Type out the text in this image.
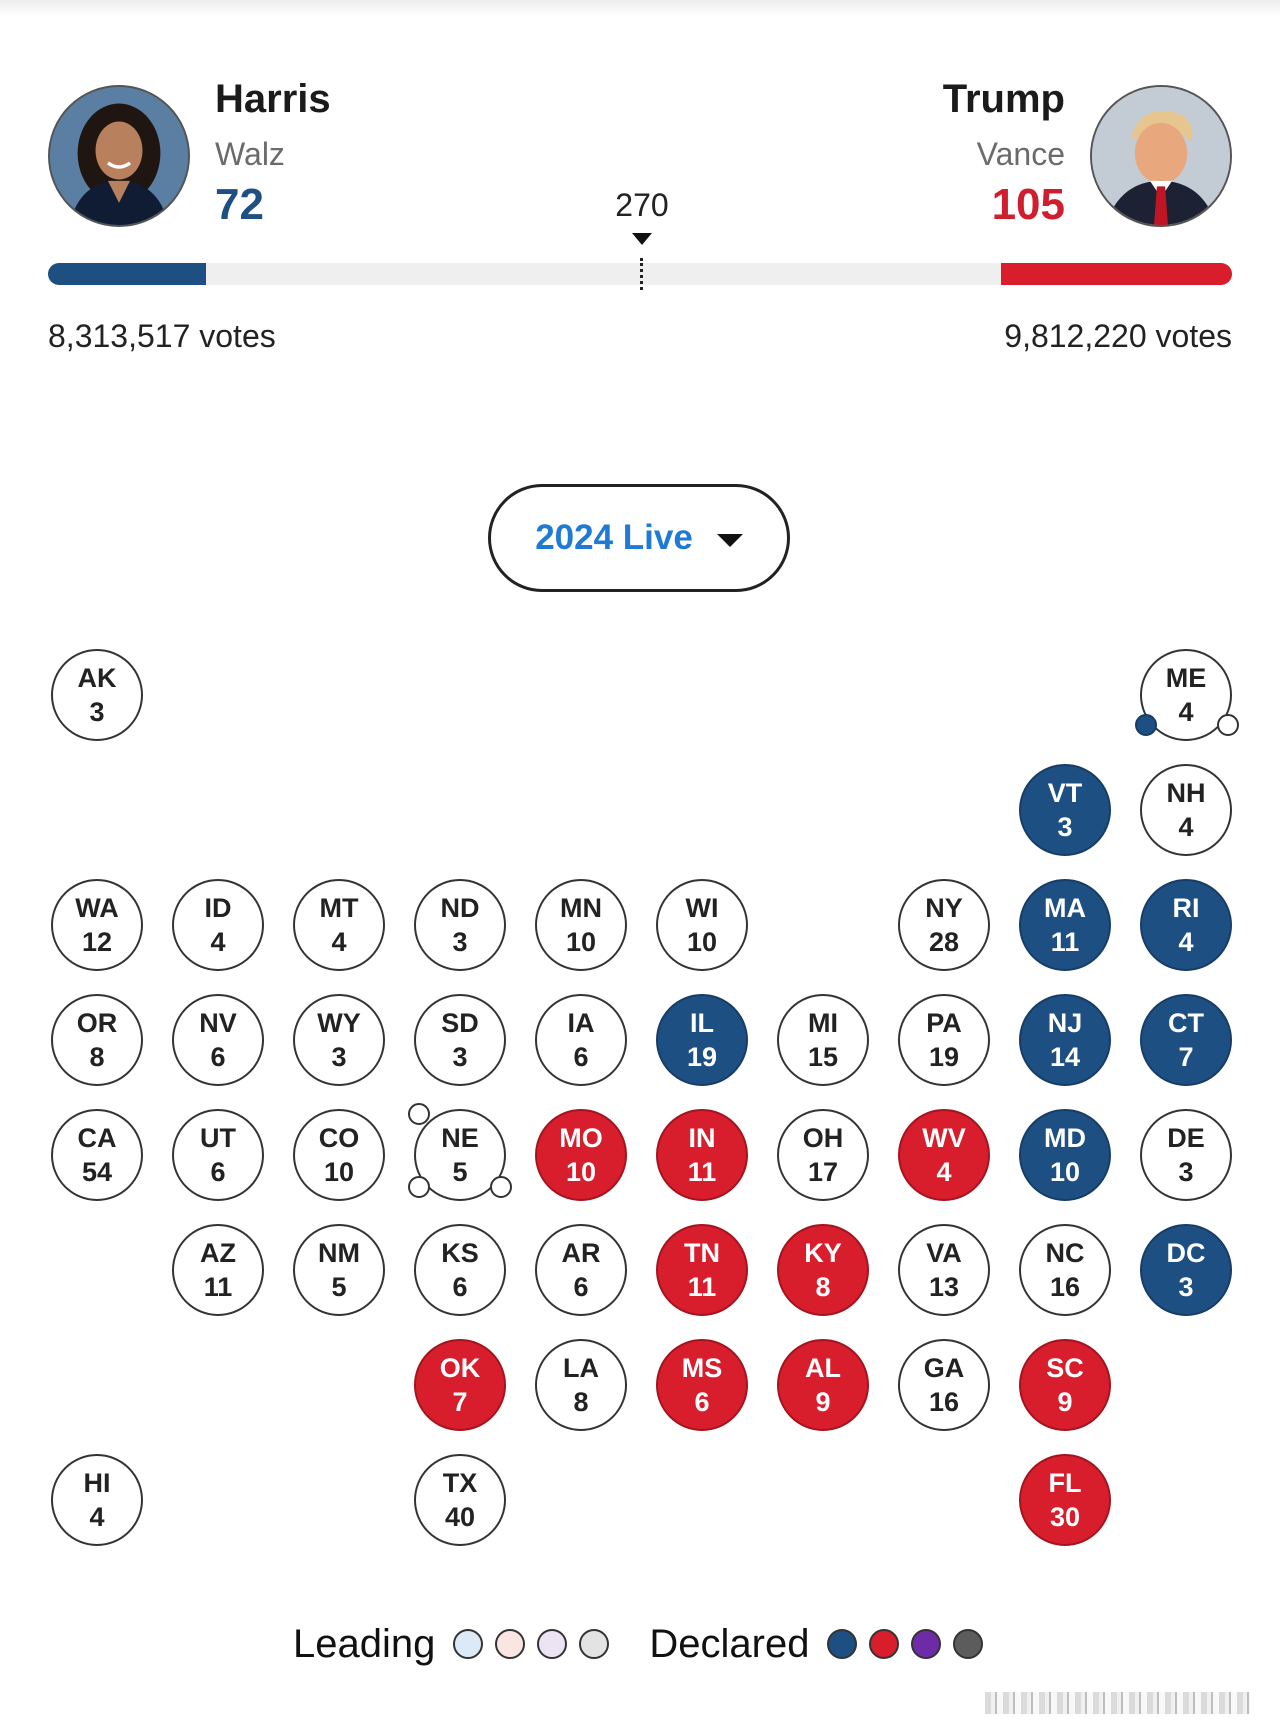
Harris
Walz
72
Trump
Vance
105
270
8,313,517 votes	9,812,220 votes
2024 Live
AK
3
ME
4
VT
3
NH
4
WA
12
ID
4
MT
4
ND
3
MN
10
WI
10
NY
28
MA
11
RI
4
OR
8
NV
6
WY
3
SD
3
IA
6
IL
19
MI
15
PA
19
NJ
14
CT
7
CA
54
UT
6
CO
10
NE
5
MO
10
IN
11
OH
17
WV
4
MD
10
DE
3
AZ
11
NM
5
KS
6
AR
6
TN
11
KY
8
VA
13
NC
16
DC
3
OK
7
LA
8
MS
6
AL
9
GA
16
SC
9
HI
4
TX
40
FL
30
Leading	Declared
